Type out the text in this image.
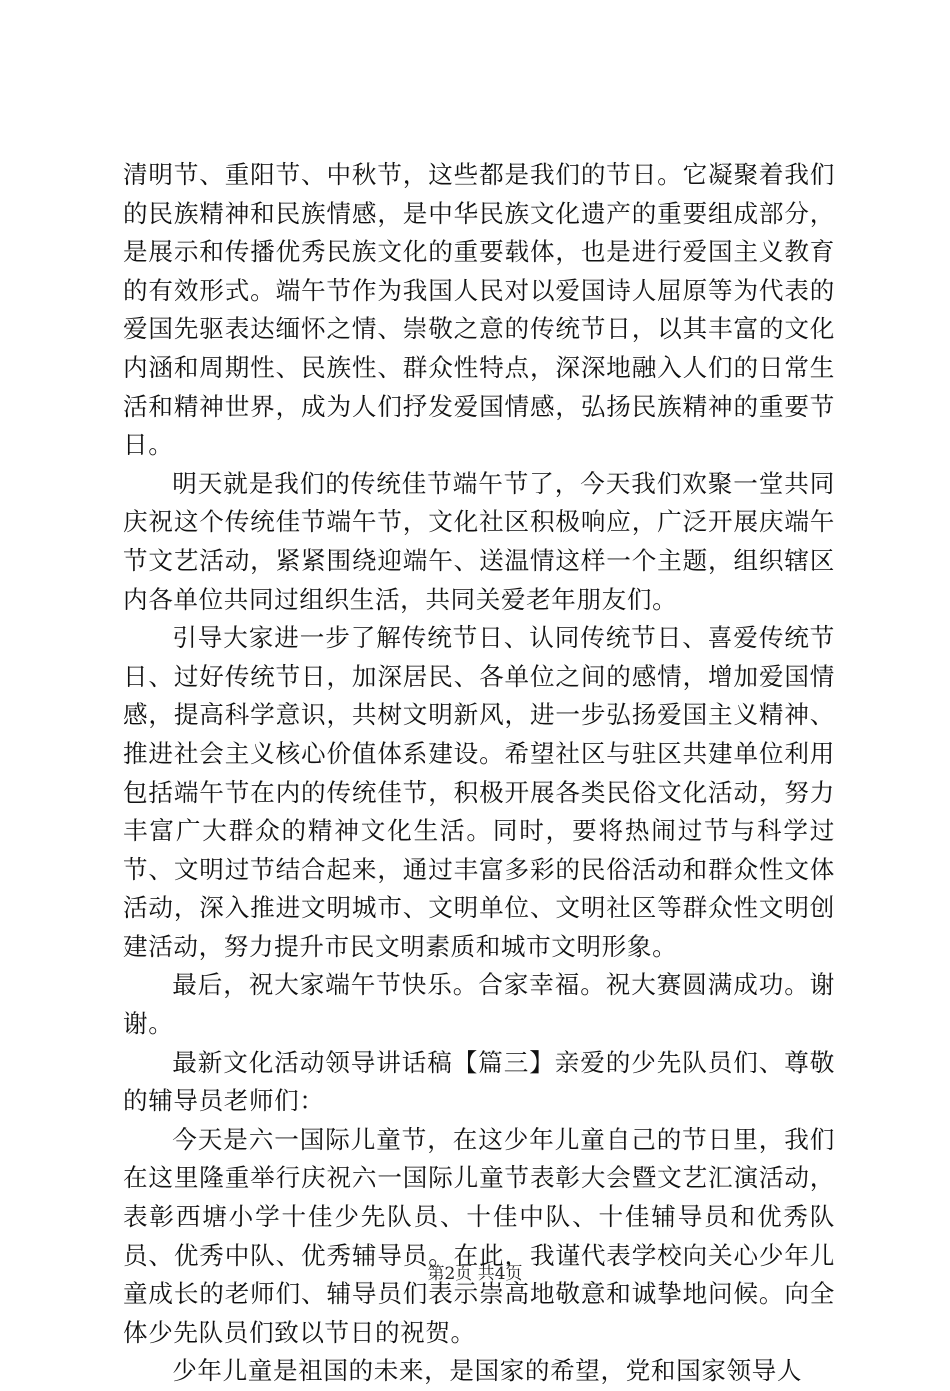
清明节、重阳节、中秋节，这些都是我们的节日。它凝聚着我们的民族精神和民族情感，是中华民族文化遗产的重要组成部分，是展示和传播优秀民族文化的重要载体，也是进行爱国主义教育的有效形式。端午节作为我国人民对以爱国诗人屈原等为代表的爱国先驱表达缅怀之情、崇敬之意的传统节日，以其丰富的文化内涵和周期性、民族性、群众性特点，深深地融入人们的日常生活和精神世界，成为人们抒发爱国情感，弘扬民族精神的重要节日。

明天就是我们的传统佳节端午节了，今天我们欢聚一堂共同庆祝这个传统佳节端午节，文化社区积极响应，广泛开展庆端午节文艺活动，紧紧围绕迎端午、送温情这样一个主题，组织辖区内各单位共同过组织生活，共同关爱老年朋友们。

引导大家进一步了解传统节日、认同传统节日、喜爱传统节日、过好传统节日，加深居民、各单位之间的感情，增加爱国情感，提高科学意识，共树文明新风，进一步弘扬爱国主义精神、推进社会主义核心价值体系建设。希望社区与驻区共建单位利用包括端午节在内的传统佳节，积极开展各类民俗文化活动，努力丰富广大群众的精神文化生活。同时，要将热闹过节与科学过节、文明过节结合起来，通过丰富多彩的民俗活动和群众性文体活动，深入推进文明城市、文明单位、文明社区等群众性文明创建活动，努力提升市民文明素质和城市文明形象。

最后，祝大家端午节快乐。合家幸福。祝大赛圆满成功。谢谢。

最新文化活动领导讲话稿【篇三】亲爱的少先队员们、尊敬的辅导员老师们：

今天是六一国际儿童节，在这少年儿童自己的节日里，我们在这里隆重举行庆祝六一国际儿童节表彰大会暨文艺汇演活动，表彰西塘小学十佳少先队员、十佳中队、十佳辅导员和优秀队员、优秀中队、优秀辅导员。在此，我谨代表学校向关心少年儿童成长的老师们、辅导员们表示崇高地敬意和诚挚地问候。向全体少先队员们致以节日的祝贺。

少年儿童是祖国的未来，是国家的希望，党和国家领导人

第2页 共4页
